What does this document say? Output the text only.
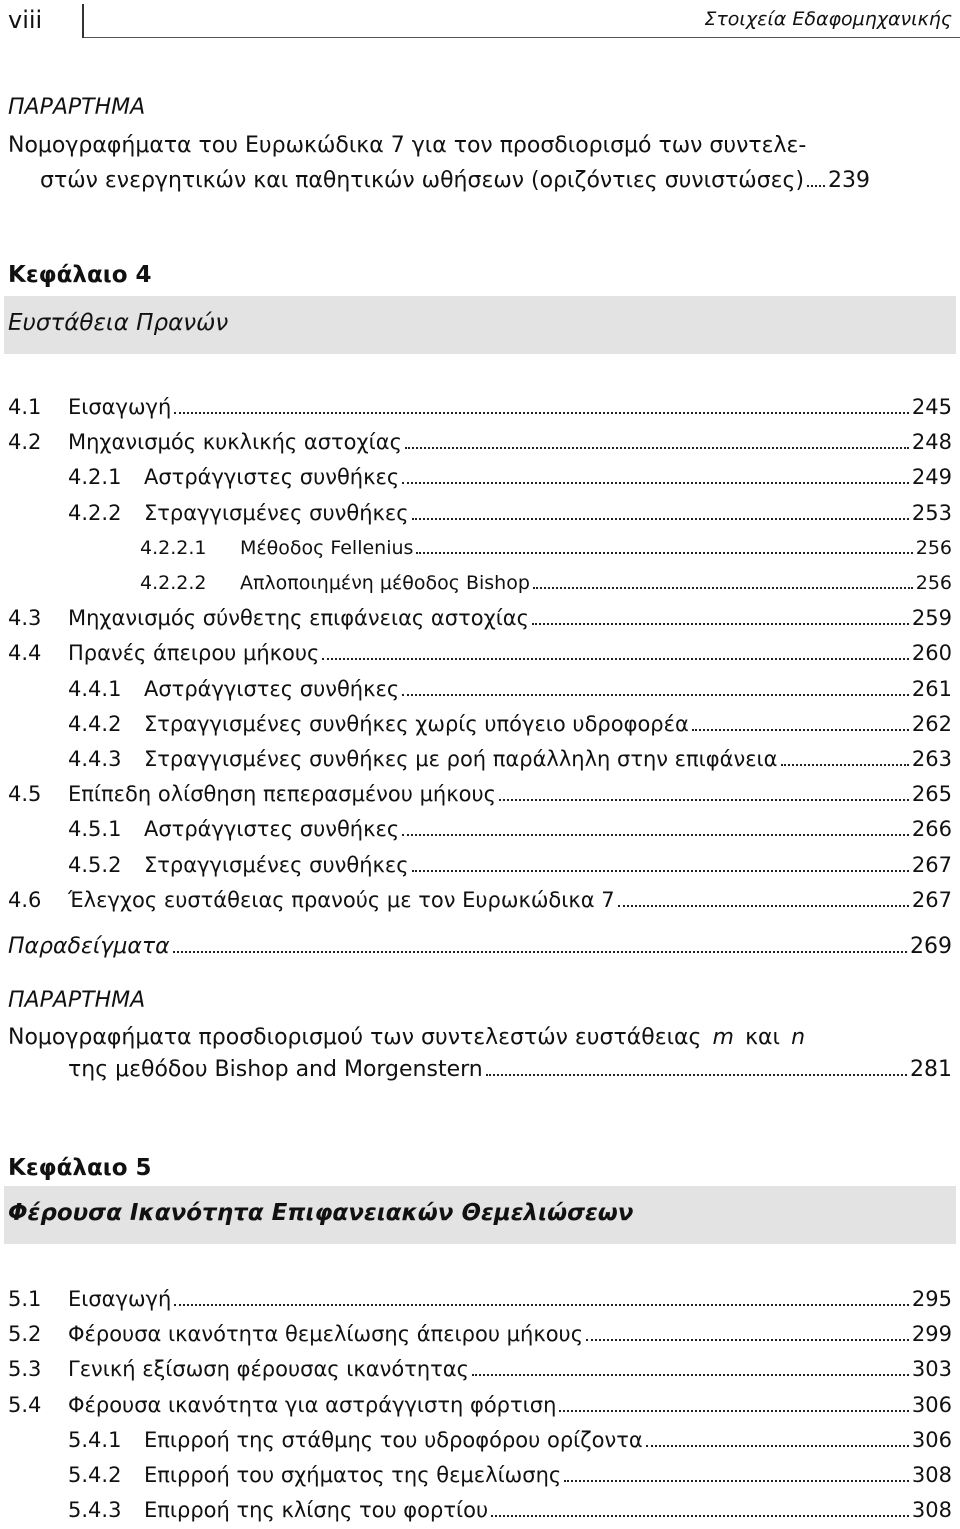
viii	Στοιχεία Εδαφομηχανικής
ΠΑΡΑΡΤΗΜΑ
Νομογραφήματα του Ευρωκώδικα 7 για τον προσδιορισμό των συντελε-
στών ενεργητικών και παθητικών ωθήσεων (οριζόντιες συνιστώσες) 239
Κεφάλαιο 4
Ευστάθεια Πρανών
4.1	Εισαγωγή	245
4.2	Μηχανισμός κυκλικής αστοχίας	248
4.2.1	Αστράγγιστες συνθήκες	249
4.2.2	Στραγγισμένες συνθήκες	253
4.2.2.1	Μέθοδος Fellenius	256
4.2.2.2	Απλοποιημένη μέθοδος Bishop	256
4.3	Μηχανισμός σύνθετης επιφάνειας αστοχίας	259
4.4	Πρανές άπειρου μήκους	260
4.4.1	Αστράγγιστες συνθήκες	261
4.4.2	Στραγγισμένες συνθήκες χωρίς υπόγειο υδροφορέα	262
4.4.3	Στραγγισμένες συνθήκες με ροή παράλληλη στην επιφάνεια	263
4.5	Επίπεδη ολίσθηση πεπερασμένου μήκους	265
4.5.1	Αστράγγιστες συνθήκες	266
4.5.2	Στραγγισμένες συνθήκες	267
4.6	Έλεγχος ευστάθειας πρανούς με τον Ευρωκώδικα 7	267
Παραδείγματα	269
ΠΑΡΑΡΤΗΜΑ
Νομογραφήματα προσδιορισμού των συντελεστών ευστάθειας m και n
της μεθόδου Bishop and Morgenstern	281
Κεφάλαιο 5
Φέρουσα Ικανότητα Επιφανειακών Θεμελιώσεων
5.1	Εισαγωγή	295
5.2	Φέρουσα ικανότητα θεμελίωσης άπειρου μήκους	299
5.3	Γενική εξίσωση φέρουσας ικανότητας	303
5.4	Φέρουσα ικανότητα για αστράγγιστη φόρτιση	306
5.4.1	Επιρροή της στάθμης του υδροφόρου ορίζοντα	306
5.4.2	Επιρροή του σχήματος της θεμελίωσης	308
5.4.3	Επιρροή της κλίσης του φορτίου	308
